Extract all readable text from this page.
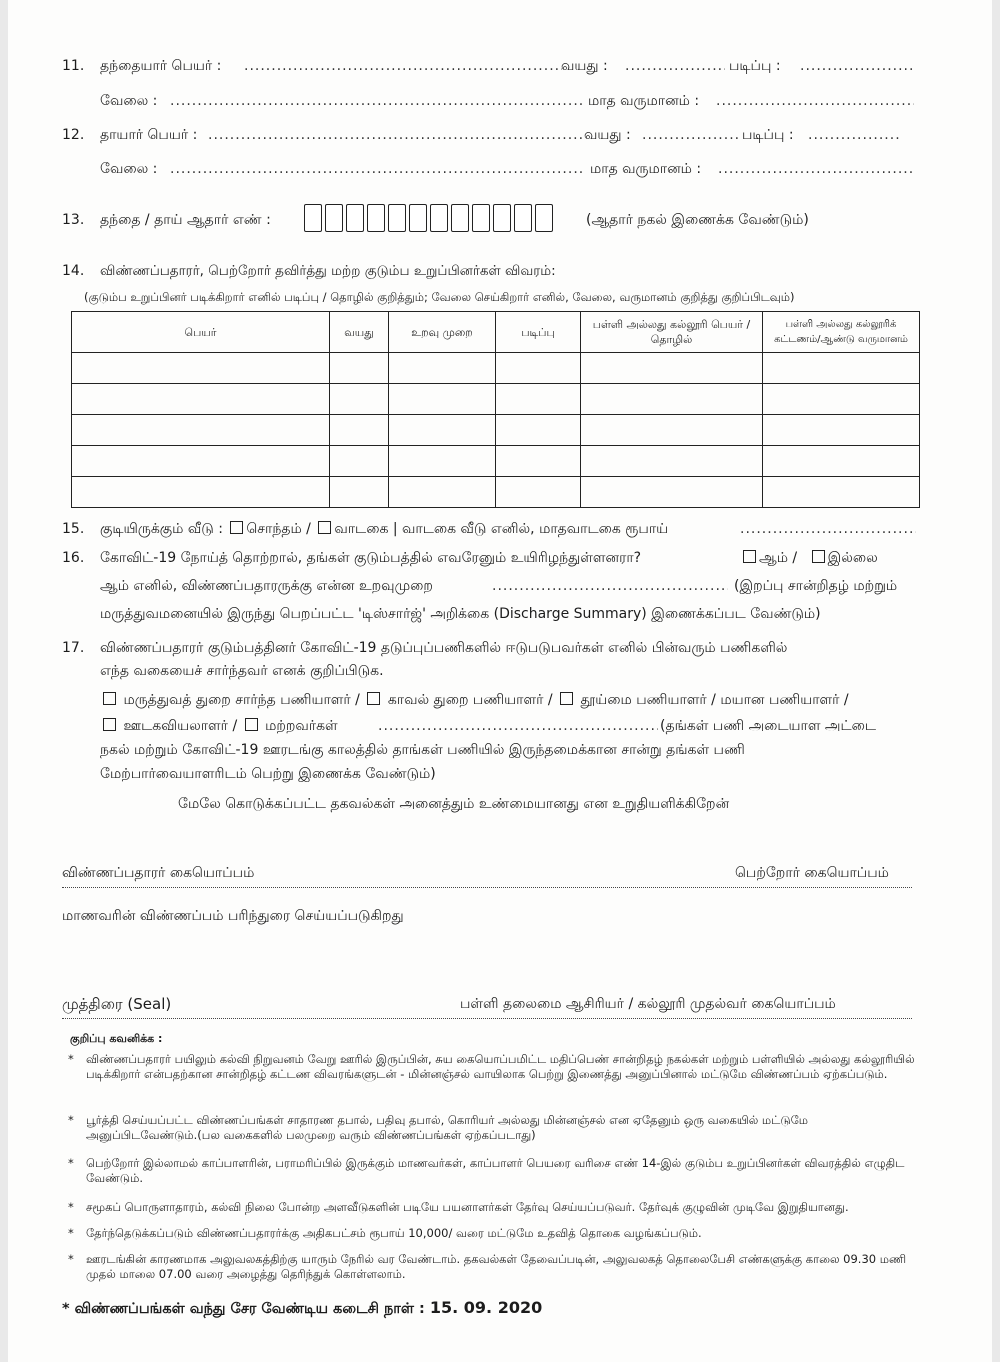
11. தந்தையார் பெயர் : .....	வயது : .....	படிப்பு :
.....
வேலை : .....	மாத வருமானம் :
.....
12. தாயார் பெயர் : .....	வயது : .....	படிப்பு :
.....
வேலை : .....	மாத வருமானம் :
.....
13. தந்தை / தாய் ஆதார் எண் :	(ஆதார் நகல் இணைக்க வேண்டும்)
14. விண்ணப்பதாரர், பெற்றோர் தவிர்த்து மற்ற குடும்ப உறுப்பினர்கள் விவரம்:
(குடும்ப உறுப்பினர் படிக்கிறார் எனில் படிப்பு / தொழில் குறித்தும்; வேலை செய்கிறார் எனில், வேலை, வருமானம் குறித்து குறிப்பிடவும்)
பெயர்	வயது	உறவு முறை	படிப்பு	பள்ளி அல்லது கல்லூரி பெயர் / தொழில்	பள்ளி அல்லது கல்லூரிக் கட்டணம்/ஆண்டு வருமானம்

15. குடியிருக்கும் வீடு : சொந்தம் / வாடகை | வாடகை வீடு எனில், மாதவாடகை ரூபாய்
.....
16. கோவிட்-19 நோய்த் தொற்றால், தங்கள் குடும்பத்தில் எவரேனும் உயிரிழந்துள்ளனரா?	ஆம் / இல்லை
ஆம் எனில், விண்ணப்பதாரருக்கு என்ன உறவுமுறை .....	(இறப்பு சான்றிதழ் மற்றும்
மருத்துவமனையில் இருந்து பெறப்பட்ட 'டிஸ்சார்ஜ்' அறிக்கை (Discharge Summary) இணைக்கப்பட வேண்டும்)
17. விண்ணப்பதாரர் குடும்பத்தினர் கோவிட்-19 தடுப்புப்பணிகளில் ஈடுபடுபவர்கள் எனில் பின்வரும் பணிகளில்
எந்த வகையைச் சார்ந்தவர் எனக் குறிப்பிடுக.
மருத்துவத் துறை சார்ந்த பணியாளர் / காவல் துறை பணியாளர் / தூய்மை பணியாளர் / மயான பணியாளர் /
ஊடகவியலாளர் / மற்றவர்கள் .....	(தங்கள் பணி அடையாள அட்டை
நகல் மற்றும் கோவிட்-19 ஊரடங்கு காலத்தில் தாங்கள் பணியில் இருந்தமைக்கான சான்று தங்கள் பணி
மேற்பார்வையாளரிடம் பெற்று இணைக்க வேண்டும்)
மேலே கொடுக்கப்பட்ட தகவல்கள் அனைத்தும் உண்மையானது என உறுதியளிக்கிறேன்
விண்ணப்பதாரர் கையொப்பம்	பெற்றோர் கையொப்பம்
மாணவரின் விண்ணப்பம் பரிந்துரை செய்யப்படுகிறது
முத்திரை (Seal)	பள்ளி தலைமை ஆசிரியர் / கல்லூரி முதல்வர் கையொப்பம்
குறிப்பு கவனிக்க :
*	விண்ணப்பதாரர் பயிலும் கல்வி நிறுவனம் வேறு ஊரில் இருப்பின், சுய கையொப்பமிட்ட மதிப்பெண் சான்றிதழ் நகல்கள் மற்றும் பள்ளியில் அல்லது கல்லூரியில் படிக்கிறார் என்பதற்கான சான்றிதழ் கட்டண விவரங்களுடன் - மின்னஞ்சல் வாயிலாக பெற்று இணைத்து அனுப்பினால் மட்டுமே விண்ணப்பம் ஏற்கப்படும்.
*	பூர்த்தி செய்யப்பட்ட விண்ணப்பங்கள் சாதாரண தபால், பதிவு தபால், கொரியர் அல்லது மின்னஞ்சல் என ஏதேனும் ஒரு வகையில் மட்டுமே அனுப்பிடவேண்டும்.(பல வகைகளில் பலமுறை வரும் விண்ணப்பங்கள் ஏற்கப்படாது)
*	பெற்றோர் இல்லாமல் காப்பாளரின், பராமரிப்பில் இருக்கும் மாணவர்கள், காப்பாளர் பெயரை வரிசை எண் 14-இல் குடும்ப உறுப்பினர்கள் விவரத்தில் எழுதிட வேண்டும்.
*	சமூகப் பொருளாதாரம், கல்வி நிலை போன்ற அளவீடுகளின் படியே பயனாளர்கள் தேர்வு செய்யப்படுவர். தேர்வுக் குழுவின் முடிவே இறுதியானது.
*	தேர்ந்தெடுக்கப்படும் விண்ணப்பதாரர்க்கு அதிகபட்சம் ரூபாய் 10,000/ வரை மட்டுமே உதவித் தொகை வழங்கப்படும்.
*	ஊரடங்கின் காரணமாக அலுவலகத்திற்கு யாரும் நேரில் வர வேண்டாம். தகவல்கள் தேவைப்படின், அலுவலகத் தொலைபேசி எண்களுக்கு காலை 09.30 மணி முதல் மாலை 07.00 வரை அழைத்து தெரிந்துக் கொள்ளலாம்.
* விண்ணப்பங்கள் வந்து சேர வேண்டிய கடைசி நாள் : 15. 09. 2020
